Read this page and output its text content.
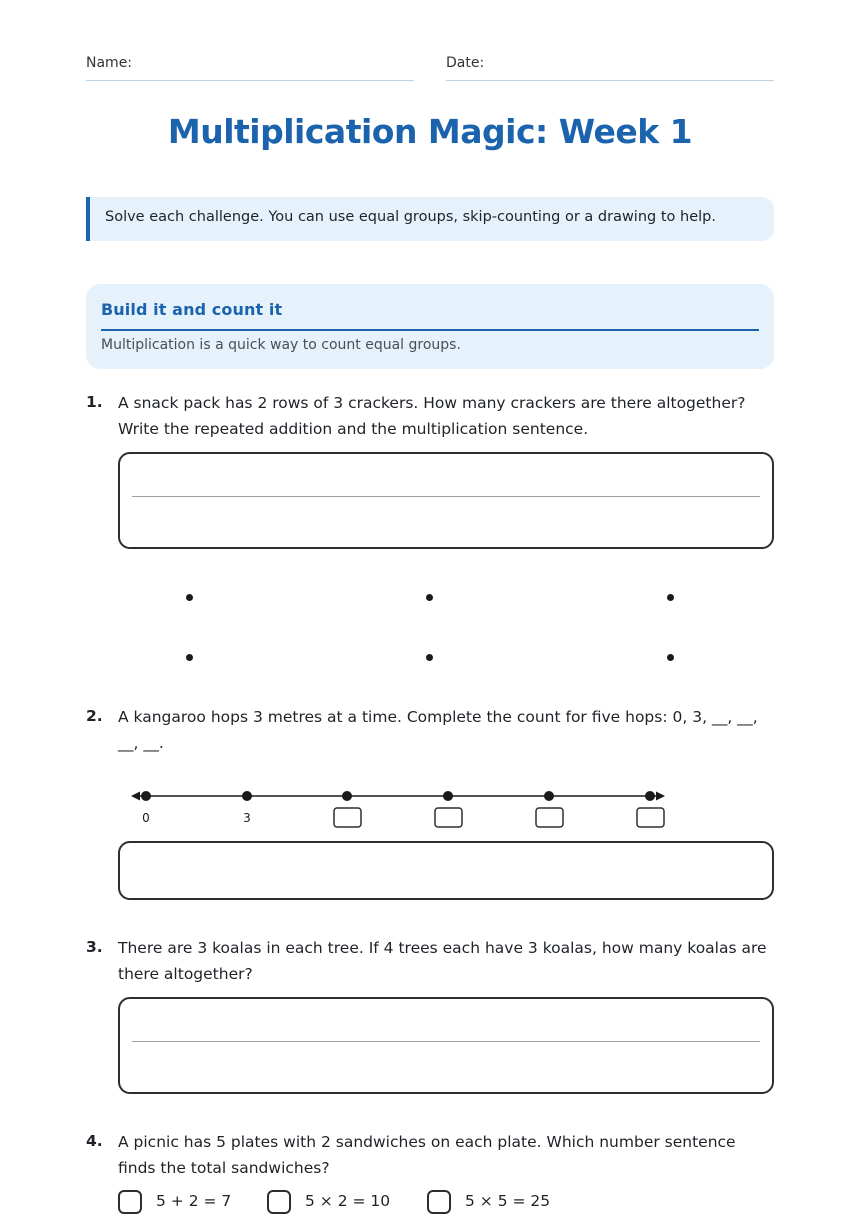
Name:	Date:
Multiplication Magic: Week 1
Solve each challenge. You can use equal groups, skip-counting or a drawing to help.
Build it and count it
Multiplication is a quick way to count equal groups.
1. A snack pack has 2 rows of 3 crackers. How many crackers are there altogether?
Write the repeated addition and the multiplication sentence.
2. A kangaroo hops 3 metres at a time. Complete the count for five hops: 0, 3, __, __,
__, __.
0	3
3. There are 3 koalas in each tree. If 4 trees each have 3 koalas, how many koalas are
there altogether?
4. A picnic has 5 plates with 2 sandwiches on each plate. Which number sentence
finds the total sandwiches?
5 + 2 = 7	5 × 2 = 10	5 × 5 = 25
